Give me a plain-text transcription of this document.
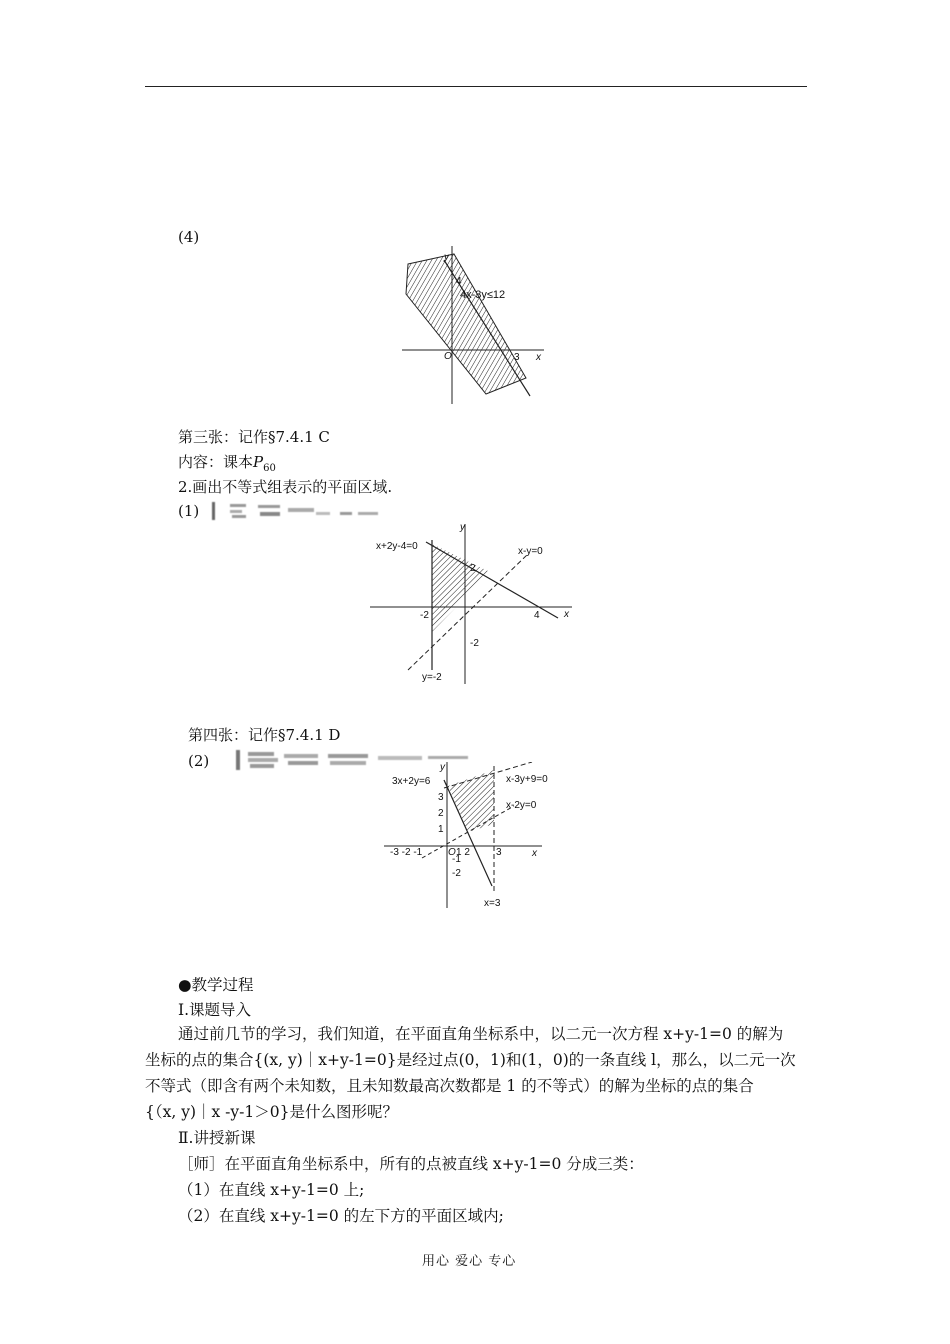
(4)
y
x
O
4
3
4x-3y≤12
第三张：记作§7.4.1 C
内容：课本$P_{60}$
2.画出不等式组表示的平面区域.
(1)
y
x
x+2y-4=0	x-y=0
y=-2
2
-2
-2	4
第四张：记作§7.4.1 D
(2)	y
x
3x+2y=6	x-3y+9=0
x-2y=0
x=3
O
-3 -2 -1	1 2	3
3
2
1
-1
-2
●教学过程
Ⅰ.课题导入
通过前几节的学习，我们知道，在平面直角坐标系中，以二元一次方程 x+y-1=0 的解为
坐标的点的集合{(x, y)｜x+y-1=0}是经过点(0，1)和(1，0)的一条直线 l，那么，以二元一次
不等式（即含有两个未知数，且未知数最高次数都是 1 的不等式）的解为坐标的点的集合
{（x, y)｜x -y-1＞0}是什么图形呢？
Ⅱ.讲授新课
［师］在平面直角坐标系中，所有的点被直线 x+y-1=0 分成三类：
（1）在直线 x+y-1=0 上;
（2）在直线 x+y-1=0 的左下方的平面区域内;
用心 爱心 专心
